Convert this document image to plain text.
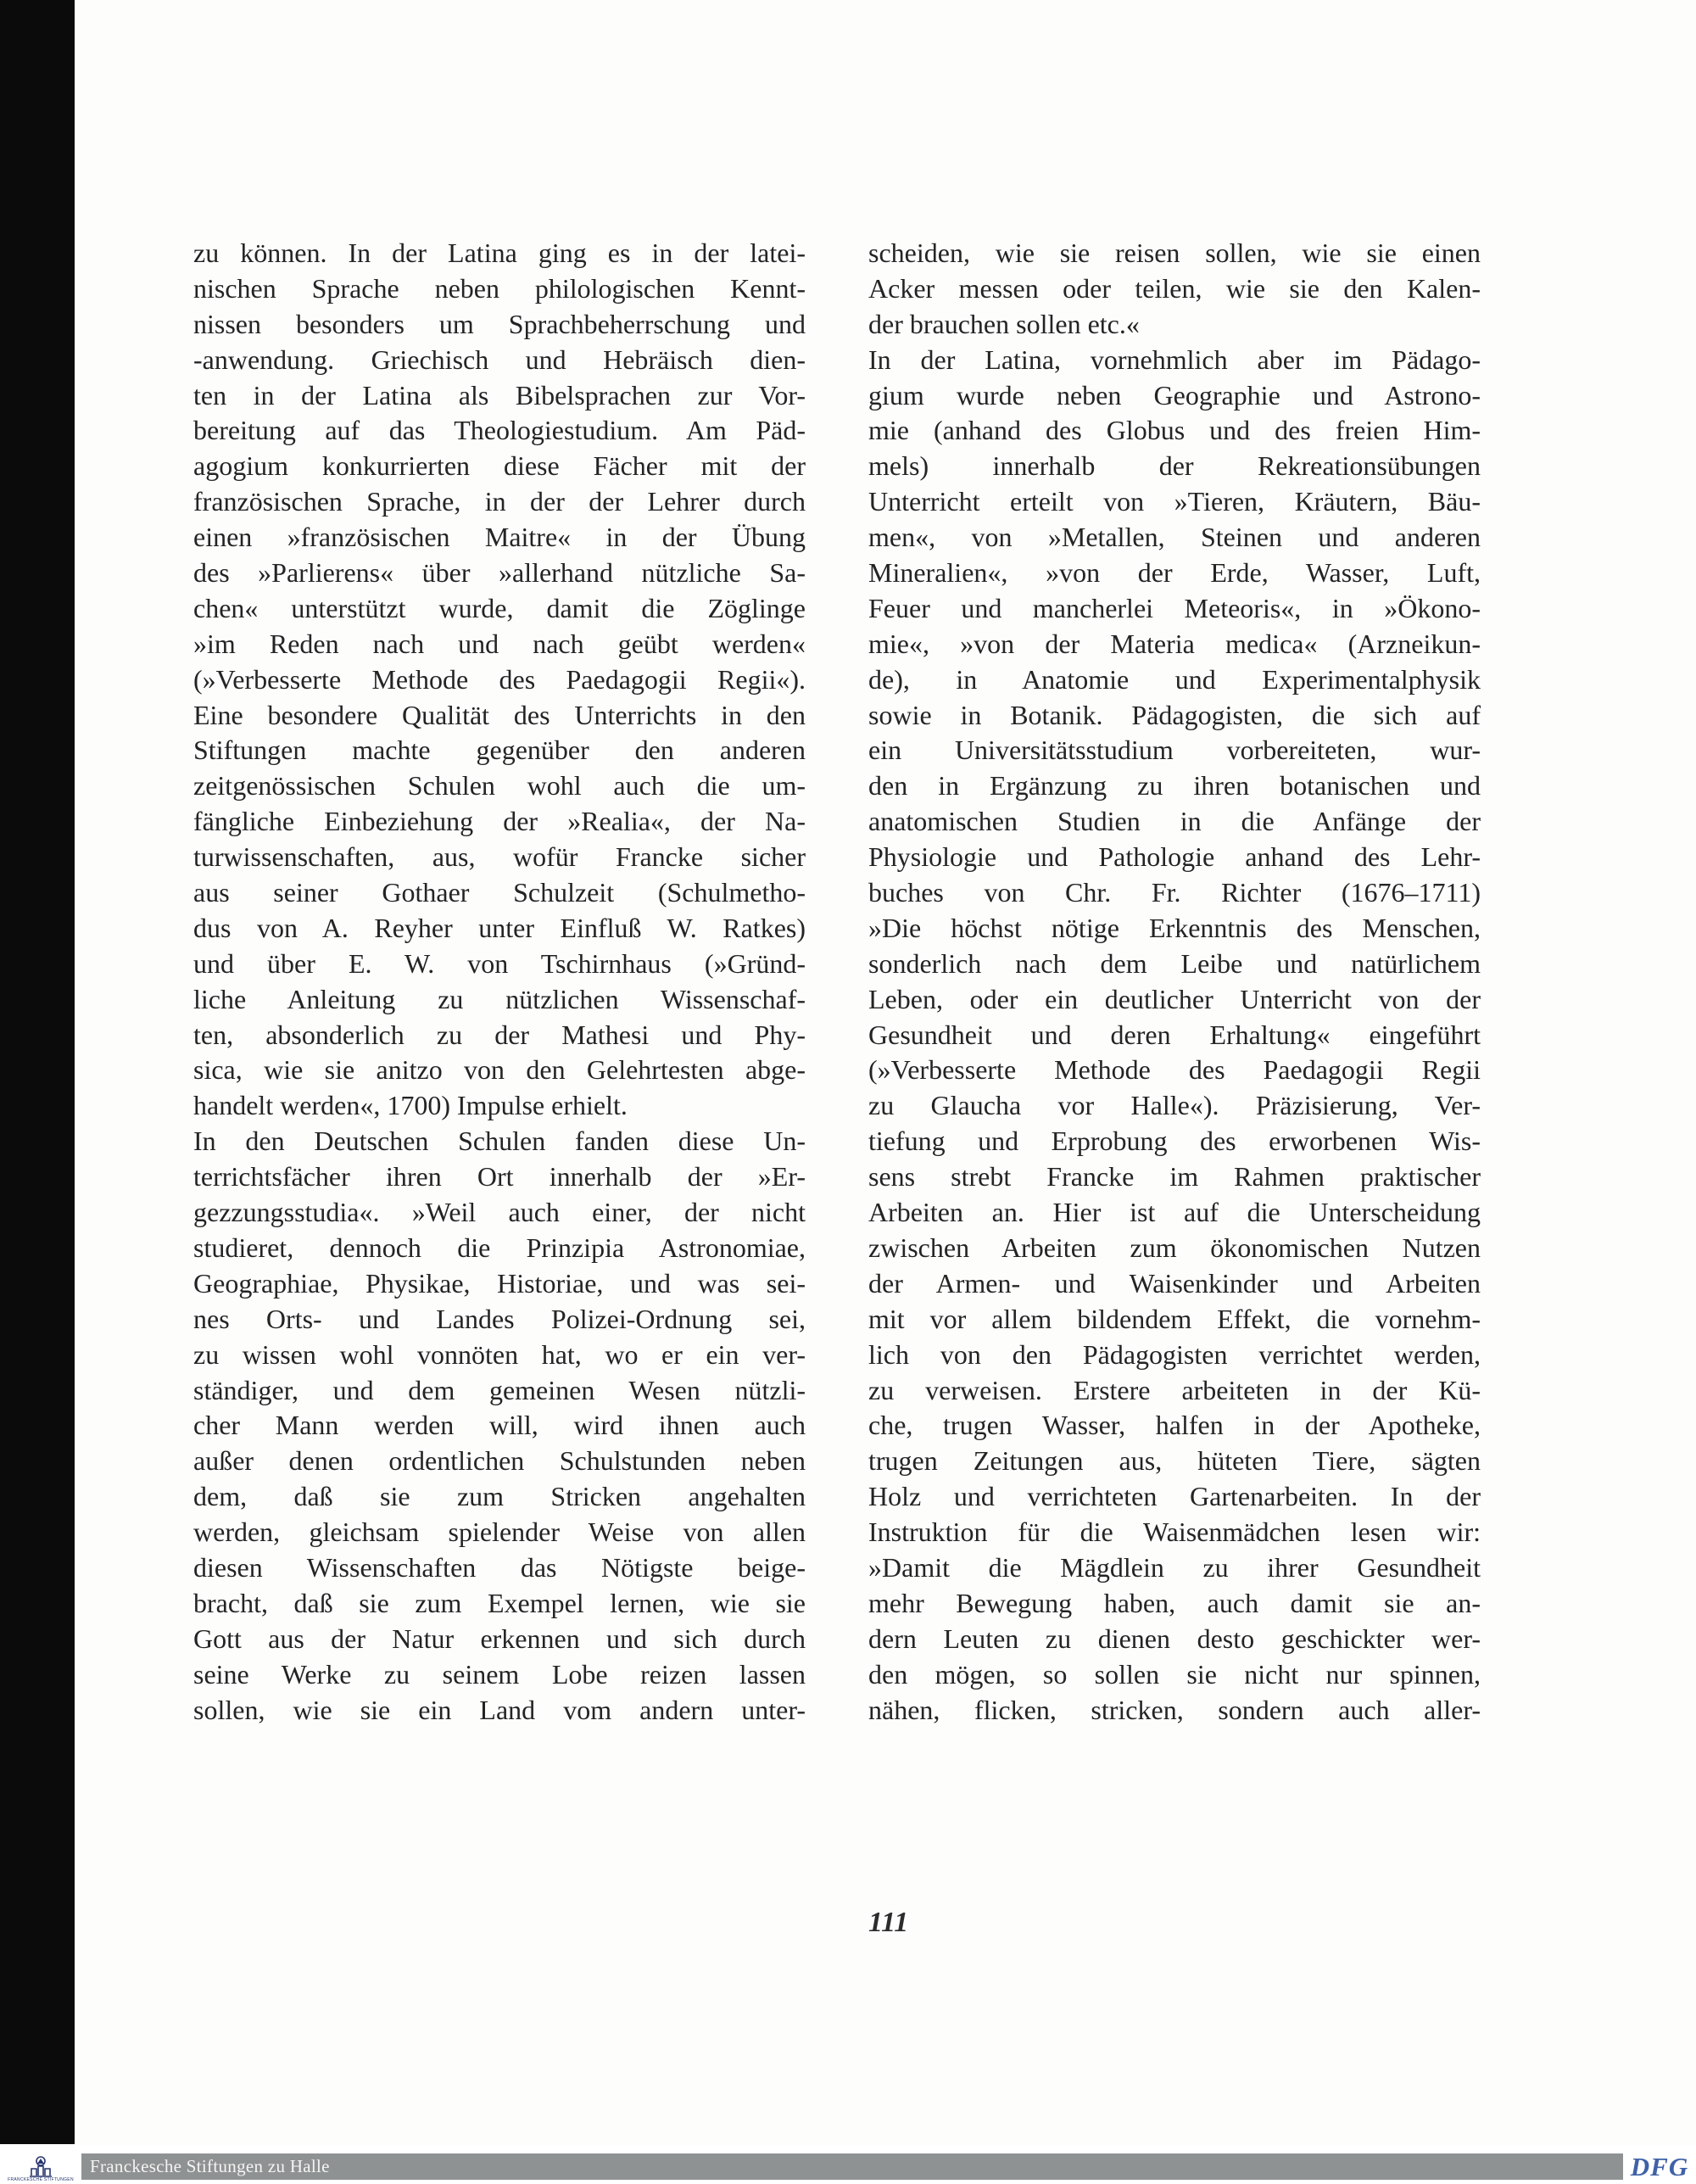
zu können. In der Latina ging es in der latei-
nischen Sprache neben philologischen Kennt-
nissen besonders um Sprachbeherrschung und
-anwendung. Griechisch und Hebräisch dien-
ten in der Latina als Bibelsprachen zur Vor-
bereitung auf das Theologiestudium. Am Päd-
agogium konkurrierten diese Fächer mit der
französischen Sprache, in der der Lehrer durch
einen »französischen Maitre« in der Übung
des »Parlierens« über »allerhand nützliche Sa-
chen« unterstützt wurde, damit die Zöglinge
»im Reden nach und nach geübt werden«
(»Verbesserte Methode des Paedagogii Regii«).
Eine besondere Qualität des Unterrichts in den
Stiftungen machte gegenüber den anderen
zeitgenössischen Schulen wohl auch die um-
fängliche Einbeziehung der »Realia«, der Na-
turwissenschaften, aus, wofür Francke sicher
aus seiner Gothaer Schulzeit (Schulmetho-
dus von A. Reyher unter Einfluß W. Ratkes)
und über E. W. von Tschirnhaus (»Gründ-
liche Anleitung zu nützlichen Wissenschaf-
ten, absonderlich zu der Mathesi und Phy-
sica, wie sie anitzo von den Gelehrtesten abge-
handelt werden«, 1700) Impulse erhielt.
In den Deutschen Schulen fanden diese Un-
terrichtsfächer ihren Ort innerhalb der »Er-
gezzungsstudia«. »Weil auch einer, der nicht
studieret, dennoch die Prinzipia Astronomiae,
Geographiae, Physikae, Historiae, und was sei-
nes Orts- und Landes Polizei-Ordnung sei,
zu wissen wohl vonnöten hat, wo er ein ver-
ständiger, und dem gemeinen Wesen nützli-
cher Mann werden will, wird ihnen auch
außer denen ordentlichen Schulstunden neben
dem, daß sie zum Stricken angehalten
werden, gleichsam spielender Weise von allen
diesen Wissenschaften das Nötigste beige-
bracht, daß sie zum Exempel lernen, wie sie
Gott aus der Natur erkennen und sich durch
seine Werke zu seinem Lobe reizen lassen
sollen, wie sie ein Land vom andern unter-
scheiden, wie sie reisen sollen, wie sie einen
Acker messen oder teilen, wie sie den Kalen-
der brauchen sollen etc.«
In der Latina, vornehmlich aber im Pädago-
gium wurde neben Geographie und Astrono-
mie (anhand des Globus und des freien Him-
mels) innerhalb der Rekreationsübungen
Unterricht erteilt von »Tieren, Kräutern, Bäu-
men«, von »Metallen, Steinen und anderen
Mineralien«, »von der Erde, Wasser, Luft,
Feuer und mancherlei Meteoris«, in »Ökono-
mie«, »von der Materia medica« (Arzneikun-
de), in Anatomie und Experimentalphysik
sowie in Botanik. Pädagogisten, die sich auf
ein Universitätsstudium vorbereiteten, wur-
den in Ergänzung zu ihren botanischen und
anatomischen Studien in die Anfänge der
Physiologie und Pathologie anhand des Lehr-
buches von Chr. Fr. Richter (1676–1711)
»Die höchst nötige Erkenntnis des Menschen,
sonderlich nach dem Leibe und natürlichem
Leben, oder ein deutlicher Unterricht von der
Gesundheit und deren Erhaltung« eingeführt
(»Verbesserte Methode des Paedagogii Regii
zu Glaucha vor Halle«). Präzisierung, Ver-
tiefung und Erprobung des erworbenen Wis-
sens strebt Francke im Rahmen praktischer
Arbeiten an. Hier ist auf die Unterscheidung
zwischen Arbeiten zum ökonomischen Nutzen
der Armen- und Waisenkinder und Arbeiten
mit vor allem bildendem Effekt, die vornehm-
lich von den Pädagogisten verrichtet werden,
zu verweisen. Erstere arbeiteten in der Kü-
che, trugen Wasser, halfen in der Apotheke,
trugen Zeitungen aus, hüteten Tiere, sägten
Holz und verrichteten Gartenarbeiten. In der
Instruktion für die Waisenmädchen lesen wir:
»Damit die Mägdlein zu ihrer Gesundheit
mehr Bewegung haben, auch damit sie an-
dern Leuten zu dienen desto geschickter wer-
den mögen, so sollen sie nicht nur spinnen,
nähen, flicken, stricken, sondern auch aller-
111
FRANCKESCHE STIFTUNGEN
Franckesche Stiftungen zu Halle	DFG
